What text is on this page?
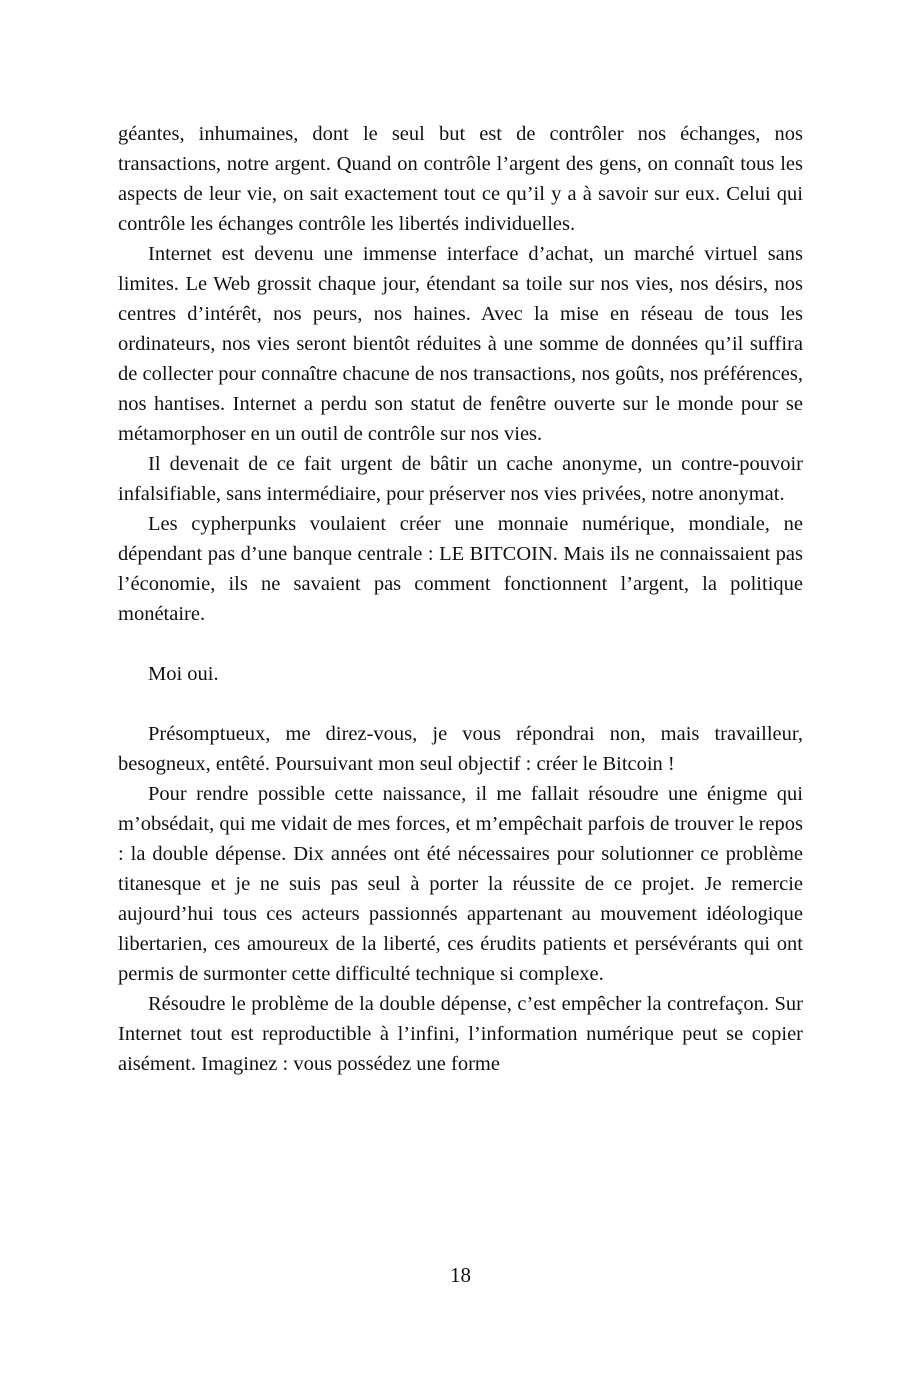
géantes, inhumaines, dont le seul but est de contrôler nos échanges, nos transactions, notre argent. Quand on contrôle l’argent des gens, on connaît tous les aspects de leur vie, on sait exactement tout ce qu’il y a à savoir sur eux. Celui qui contrôle les échanges contrôle les libertés individuelles.

Internet est devenu une immense interface d’achat, un marché virtuel sans limites. Le Web grossit chaque jour, étendant sa toile sur nos vies, nos désirs, nos centres d’intérêt, nos peurs, nos haines. Avec la mise en réseau de tous les ordinateurs, nos vies seront bientôt réduites à une somme de données qu’il suffira de collecter pour connaître chacune de nos transactions, nos goûts, nos préférences, nos hantises. Internet a perdu son statut de fenêtre ouverte sur le monde pour se métamorphoser en un outil de contrôle sur nos vies.

Il devenait de ce fait urgent de bâtir un cache anonyme, un contre-pouvoir infalsifiable, sans intermédiaire, pour préserver nos vies privées, notre anonymat.

Les cypherpunks voulaient créer une monnaie numérique, mondiale, ne dépendant pas d’une banque centrale : LE BITCOIN. Mais ils ne connaissaient pas l’économie, ils ne savaient pas comment fonctionnent l’argent, la politique monétaire.

Moi oui.

Présomptueux, me direz-vous, je vous répondrai non, mais travailleur, besogneux, entêté. Poursuivant mon seul objectif : créer le Bitcoin !

Pour rendre possible cette naissance, il me fallait résoudre une énigme qui m’obsédait, qui me vidait de mes forces, et m’empêchait parfois de trouver le repos : la double dépense. Dix années ont été nécessaires pour solutionner ce problème titanesque et je ne suis pas seul à porter la réussite de ce projet. Je remercie aujourd’hui tous ces acteurs passionnés appartenant au mouvement idéologique libertarien, ces amoureux de la liberté, ces érudits patients et persévérants qui ont permis de surmonter cette difficulté technique si complexe.

Résoudre le problème de la double dépense, c’est empêcher la contrefaçon. Sur Internet tout est reproductible à l’infini, l’information numérique peut se copier aisément. Imaginez : vous possédez une forme

18
